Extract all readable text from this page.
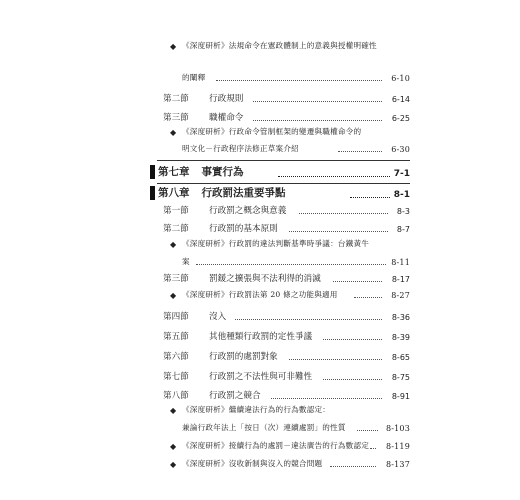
◆ 《深度研析》法規命令在憲政體制上的意義與授權明確性
的闡釋	6-10
第二節	行政規則	6-14
第三節	職權命令	6-25
◆ 《深度研析》行政命令管制框架的變遷與職權命令的
明文化－行政程序法修正草案介紹	6-30
第七章 事實行為	7-1
第八章 行政罰法重要爭點	8-1
第一節	行政罰之概念與意義	8-3
第二節	行政罰的基本原則	8-7
◆ 《深度研析》行政罰的違法判斷基準時爭議：台鐵黃牛
案	8-11
第三節	罰鍰之擴張與不法利得的消滅	8-17
◆ 《深度研析》行政罰法第 20 條之功能與適用	8-27
第四節	沒入	8-36
第五節	其他種類行政罰的定性爭議	8-39
第六節	行政罰的處罰對象	8-65
第七節	行政罰之不法性與可非難性	8-75
第八節	行政罰之競合	8-91
◆ 《深度研析》繼續違法行為的行為數認定：
兼論行政年法上「按日（次）連續處罰」的性質	8-103
◆ 《深度研析》接續行為的處罰－違法廣告的行為數認定 8-119
◆ 《深度研析》沒收新制與沒入的競合問題	8-137
